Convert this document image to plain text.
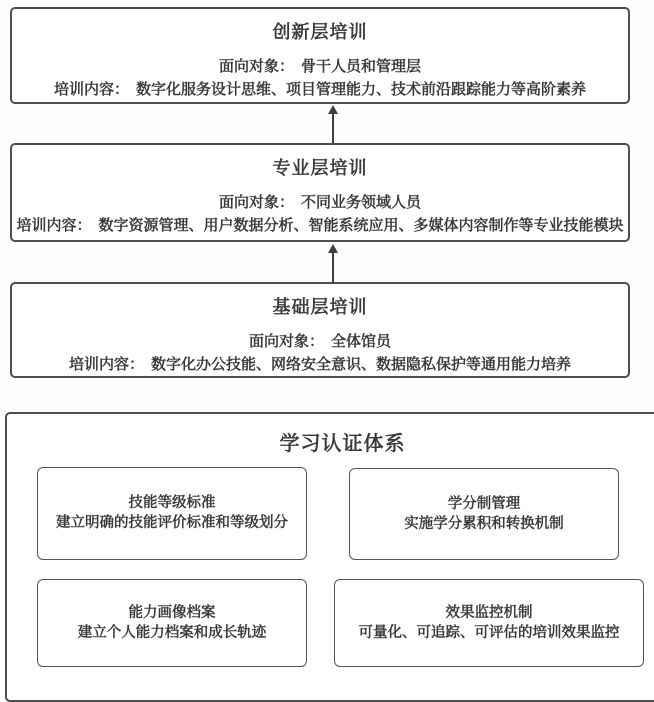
创新层培训
面向对象： 骨干人员和管理层
培训内容： 数字化服务设计思维、项目管理能力、技术前沿跟踪能力等高阶素养
专业层培训
面向对象： 不同业务领域人员
培训内容： 数字资源管理、用户数据分析、智能系统应用、多媒体内容制作等专业技能模块
基础层培训
面向对象： 全体馆员
培训内容： 数字化办公技能、网络安全意识、数据隐私保护等通用能力培养
学习认证体系
技能等级标准
建立明确的技能评价标准和等级划分
学分制管理
实施学分累积和转换机制
能力画像档案
建立个人能力档案和成长轨迹
效果监控机制
可量化、可追踪、可评估的培训效果监控
